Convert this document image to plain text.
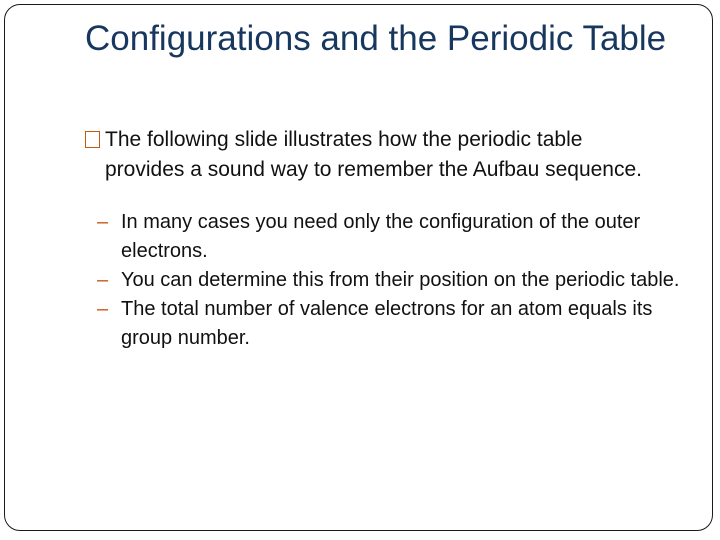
Configurations and the Periodic Table
The following slide illustrates how the periodic table provides a sound way to remember the Aufbau sequence.
– In many cases you need only the configuration of the outer electrons.
– You can determine this from their position on the periodic table.
– The total number of valence electrons for an atom equals its group number.
